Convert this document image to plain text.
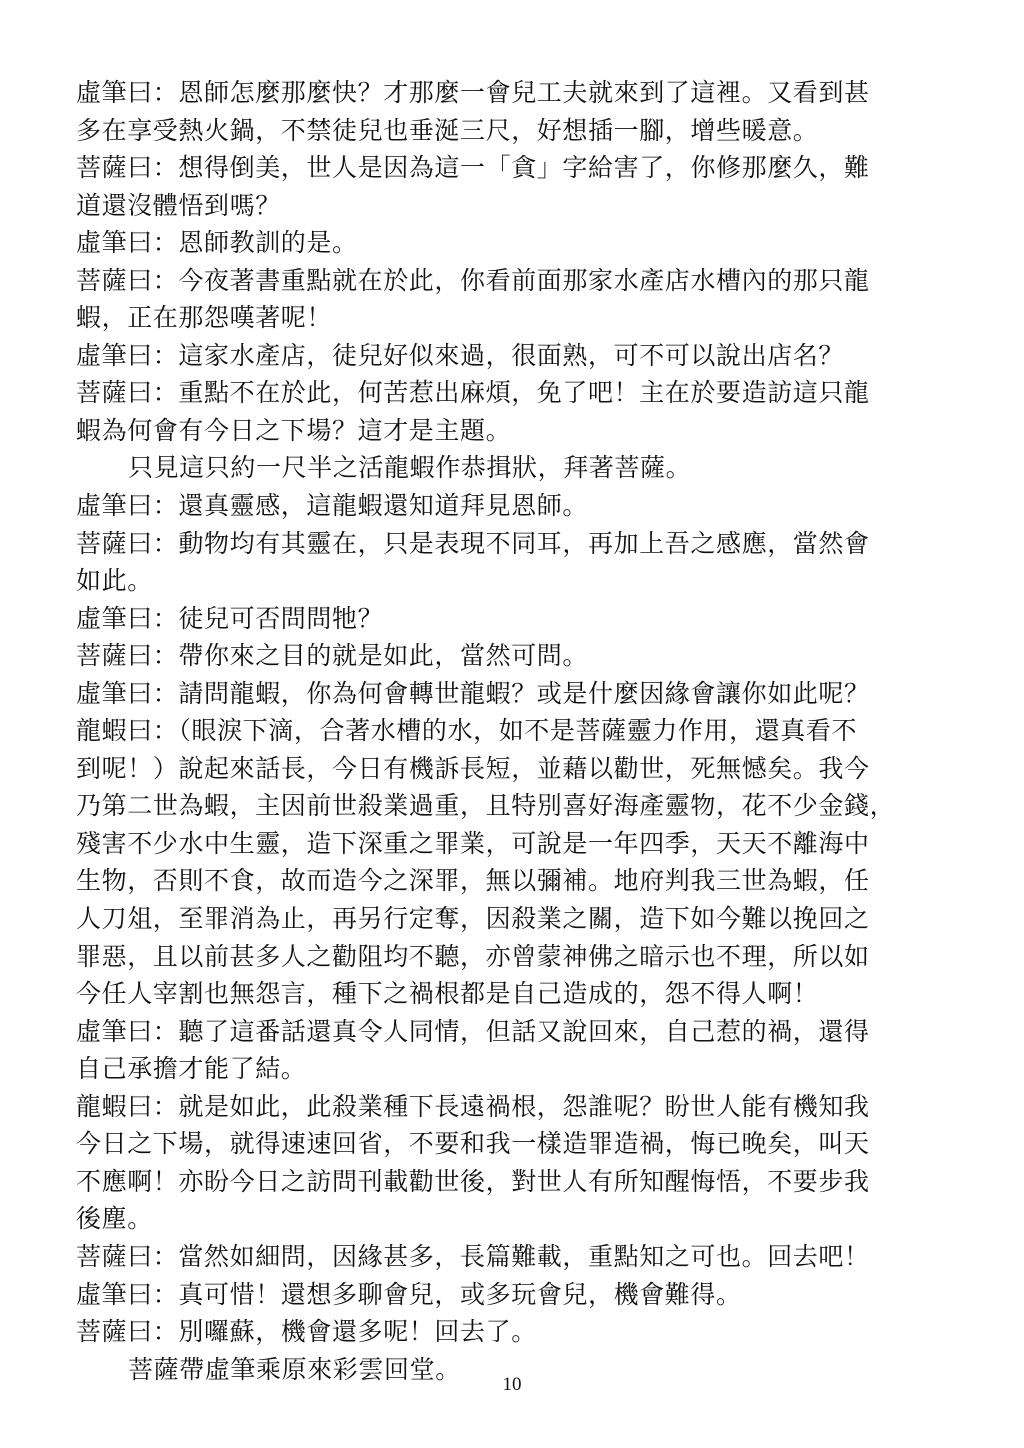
虛筆曰：恩師怎麼那麼快？才那麼一會兒工夫就來到了這裡。又看到甚
多在享受熱火鍋，不禁徒兒也垂涎三尺，好想插一腳，增些暖意。
菩薩曰：想得倒美，世人是因為這一「貪」字給害了，你修那麼久，難
道還沒體悟到嗎？
虛筆曰：恩師教訓的是。
菩薩曰：今夜著書重點就在於此，你看前面那家水產店水槽內的那只龍
蝦，正在那怨嘆著呢！
虛筆曰：這家水產店，徒兒好似來過，很面熟，可不可以說出店名？
菩薩曰：重點不在於此，何苦惹出麻煩，免了吧！主在於要造訪這只龍
蝦為何會有今日之下場？這才是主題。
只見這只約一尺半之活龍蝦作恭揖狀，拜著菩薩。
虛筆曰：還真靈感，這龍蝦還知道拜見恩師。
菩薩曰：動物均有其靈在，只是表現不同耳，再加上吾之感應，當然會
如此。
虛筆曰：徒兒可否問問牠？
菩薩曰：帶你來之目的就是如此，當然可問。
虛筆曰：請問龍蝦，你為何會轉世龍蝦？或是什麼因緣會讓你如此呢？
龍蝦曰：（眼淚下滴，合著水槽的水，如不是菩薩靈力作用，還真看不
到呢！）說起來話長，今日有機訴長短，並藉以勸世，死無憾矣。我今
乃第二世為蝦，主因前世殺業過重，且特別喜好海產靈物，花不少金錢，
殘害不少水中生靈，造下深重之罪業，可說是一年四季，天天不離海中
生物，否則不食，故而造今之深罪，無以彌補。地府判我三世為蝦，任
人刀俎，至罪消為止，再另行定奪，因殺業之關，造下如今難以挽回之
罪惡，且以前甚多人之勸阻均不聽，亦曾蒙神佛之暗示也不理，所以如
今任人宰割也無怨言，種下之禍根都是自己造成的，怨不得人啊！
虛筆曰：聽了這番話還真令人同情，但話又說回來，自己惹的禍，還得
自己承擔才能了結。
龍蝦曰：就是如此，此殺業種下長遠禍根，怨誰呢？盼世人能有機知我
今日之下場，就得速速回省，不要和我一樣造罪造禍，悔已晚矣，叫天
不應啊！亦盼今日之訪問刊載勸世後，對世人有所知醒悔悟，不要步我
後塵。
菩薩曰：當然如細問，因緣甚多，長篇難載，重點知之可也。回去吧！
虛筆曰：真可惜！還想多聊會兒，或多玩會兒，機會難得。
菩薩曰：別囉蘇，機會還多呢！回去了。
菩薩帶虛筆乘原來彩雲回堂。
10
